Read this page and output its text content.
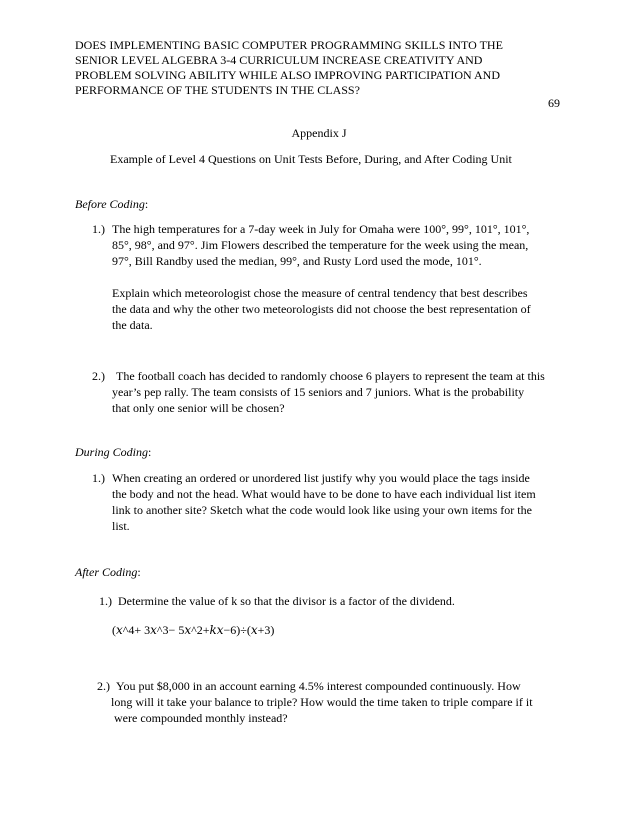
DOES IMPLEMENTING BASIC COMPUTER PROGRAMMING SKILLS INTO THE
SENIOR LEVEL ALGEBRA 3-4 CURRICULUM INCREASE CREATIVITY AND
PROBLEM SOLVING ABILITY WHILE ALSO IMPROVING PARTICIPATION AND
PERFORMANCE OF THE STUDENTS IN THE CLASS?
69
Appendix J
Example of Level 4 Questions on Unit Tests Before, During, and After Coding Unit
Before Coding:
1.) The high temperatures for a 7-day week in July for Omaha were 100°, 99°, 101°, 101°,
85°, 98°, and 97°. Jim Flowers described the temperature for the week using the mean,
97°, Bill Randby used the median, 99°, and Rusty Lord used the mode, 101°.
Explain which meteorologist chose the measure of central tendency that best describes
the data and why the other two meteorologists did not choose the best representation of
the data.
2.) The football coach has decided to randomly choose 6 players to represent the team at this
year’s pep rally. The team consists of 15 seniors and 7 juniors. What is the probability
that only one senior will be chosen?
During Coding:
1.) When creating an ordered or unordered list justify why you would place the tags inside
the body and not the head. What would have to be done to have each individual list item
link to another site? Sketch what the code would look like using your own items for the
list.
After Coding:
1.) Determine the value of k so that the divisor is a factor of the dividend.
(𝑥^4+ 3𝑥^3− 5𝑥^2+𝑘𝑥−6)÷(𝑥+3)
2.) You put $8,000 in an account earning 4.5% interest compounded continuously. How
long will it take your balance to triple? How would the time taken to triple compare if it
were compounded monthly instead?
